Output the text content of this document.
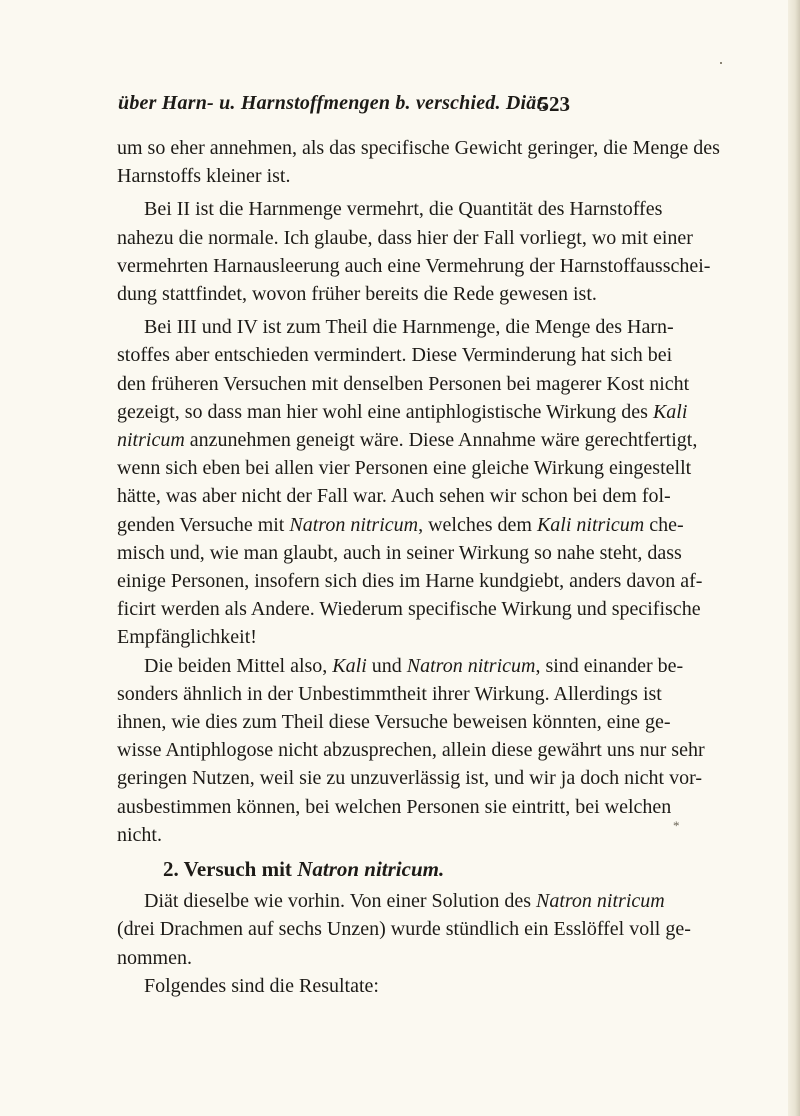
über Harn- u. Harnstoffmengen b. verschied. Diät.
523

um so eher annehmen, als das specifische Gewicht geringer, die Menge des
Harnstoffs kleiner ist.

Bei II ist die Harnmenge vermehrt, die Quantität des Harnstoffes
nahezu die normale. Ich glaube, dass hier der Fall vorliegt, wo mit einer
vermehrten Harnausleerung auch eine Vermehrung der Harnstoffausschei-
dung stattfindet, wovon früher bereits die Rede gewesen ist.

Bei III und IV ist zum Theil die Harnmenge, die Menge des Harn-
stoffes aber entschieden vermindert. Diese Verminderung hat sich bei
den früheren Versuchen mit denselben Personen bei magerer Kost nicht
gezeigt, so dass man hier wohl eine antiphlogistische Wirkung des Kali
nitricum anzunehmen geneigt wäre. Diese Annahme wäre gerechtfertigt,
wenn sich eben bei allen vier Personen eine gleiche Wirkung eingestellt
hätte, was aber nicht der Fall war. Auch sehen wir schon bei dem fol-
genden Versuche mit Natron nitricum, welches dem Kali nitricum che-
misch und, wie man glaubt, auch in seiner Wirkung so nahe steht, dass
einige Personen, insofern sich dies im Harne kundgiebt, anders davon af-
ficirt werden als Andere. Wiederum specifische Wirkung und specifische
Empfänglichkeit!

Die beiden Mittel also, Kali und Natron nitricum, sind einander be-
sonders ähnlich in der Unbestimmtheit ihrer Wirkung. Allerdings ist
ihnen, wie dies zum Theil diese Versuche beweisen könnten, eine ge-
wisse Antiphlogose nicht abzusprechen, allein diese gewährt uns nur sehr
geringen Nutzen, weil sie zu unzuverlässig ist, und wir ja doch nicht vor-
ausbestimmen können, bei welchen Personen sie eintritt, bei welchen
nicht.

2. Versuch mit Natron nitricum.

Diät dieselbe wie vorhin. Von einer Solution des Natron nitricum
(drei Drachmen auf sechs Unzen) wurde stündlich ein Esslöffel voll ge-
nommen.

Folgendes sind die Resultate:

*
